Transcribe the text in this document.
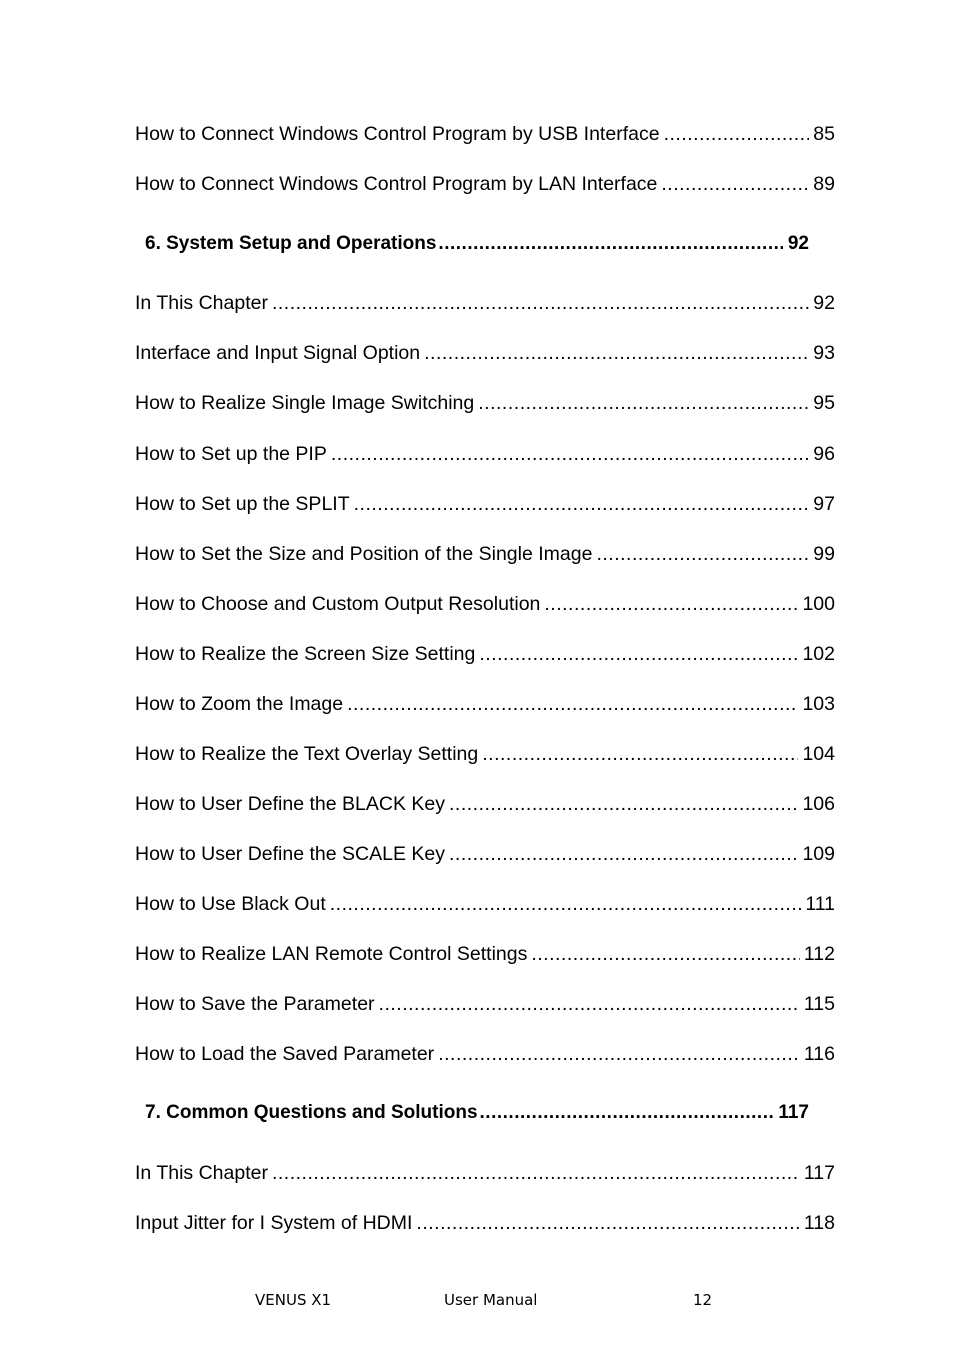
How to Connect Windows Control Program by USB Interface .....	85
How to Connect Windows Control Program by LAN Interface .....	89
6. System Setup and Operations .....	92
In This Chapter .....	92
Interface and Input Signal Option .....	93
How to Realize Single Image Switching .....	95
How to Set up the PIP .....	96
How to Set up the SPLIT .....	97
How to Set the Size and Position of the Single Image .....	99
How to Choose and Custom Output Resolution .....	100
How to Realize the Screen Size Setting .....	102
How to Zoom the Image .....	103
How to Realize the Text Overlay Setting .....	104
How to User Define the BLACK Key .....	106
How to User Define the SCALE Key .....	109
How to Use Black Out .....	111
How to Realize LAN Remote Control Settings .....	112
How to Save the Parameter .....	115
How to Load the Saved Parameter .....	116
7. Common Questions and Solutions .....	117
In This Chapter .....	117
Input Jitter for I System of HDMI .....	118
VENUS X1	User Manual	12
